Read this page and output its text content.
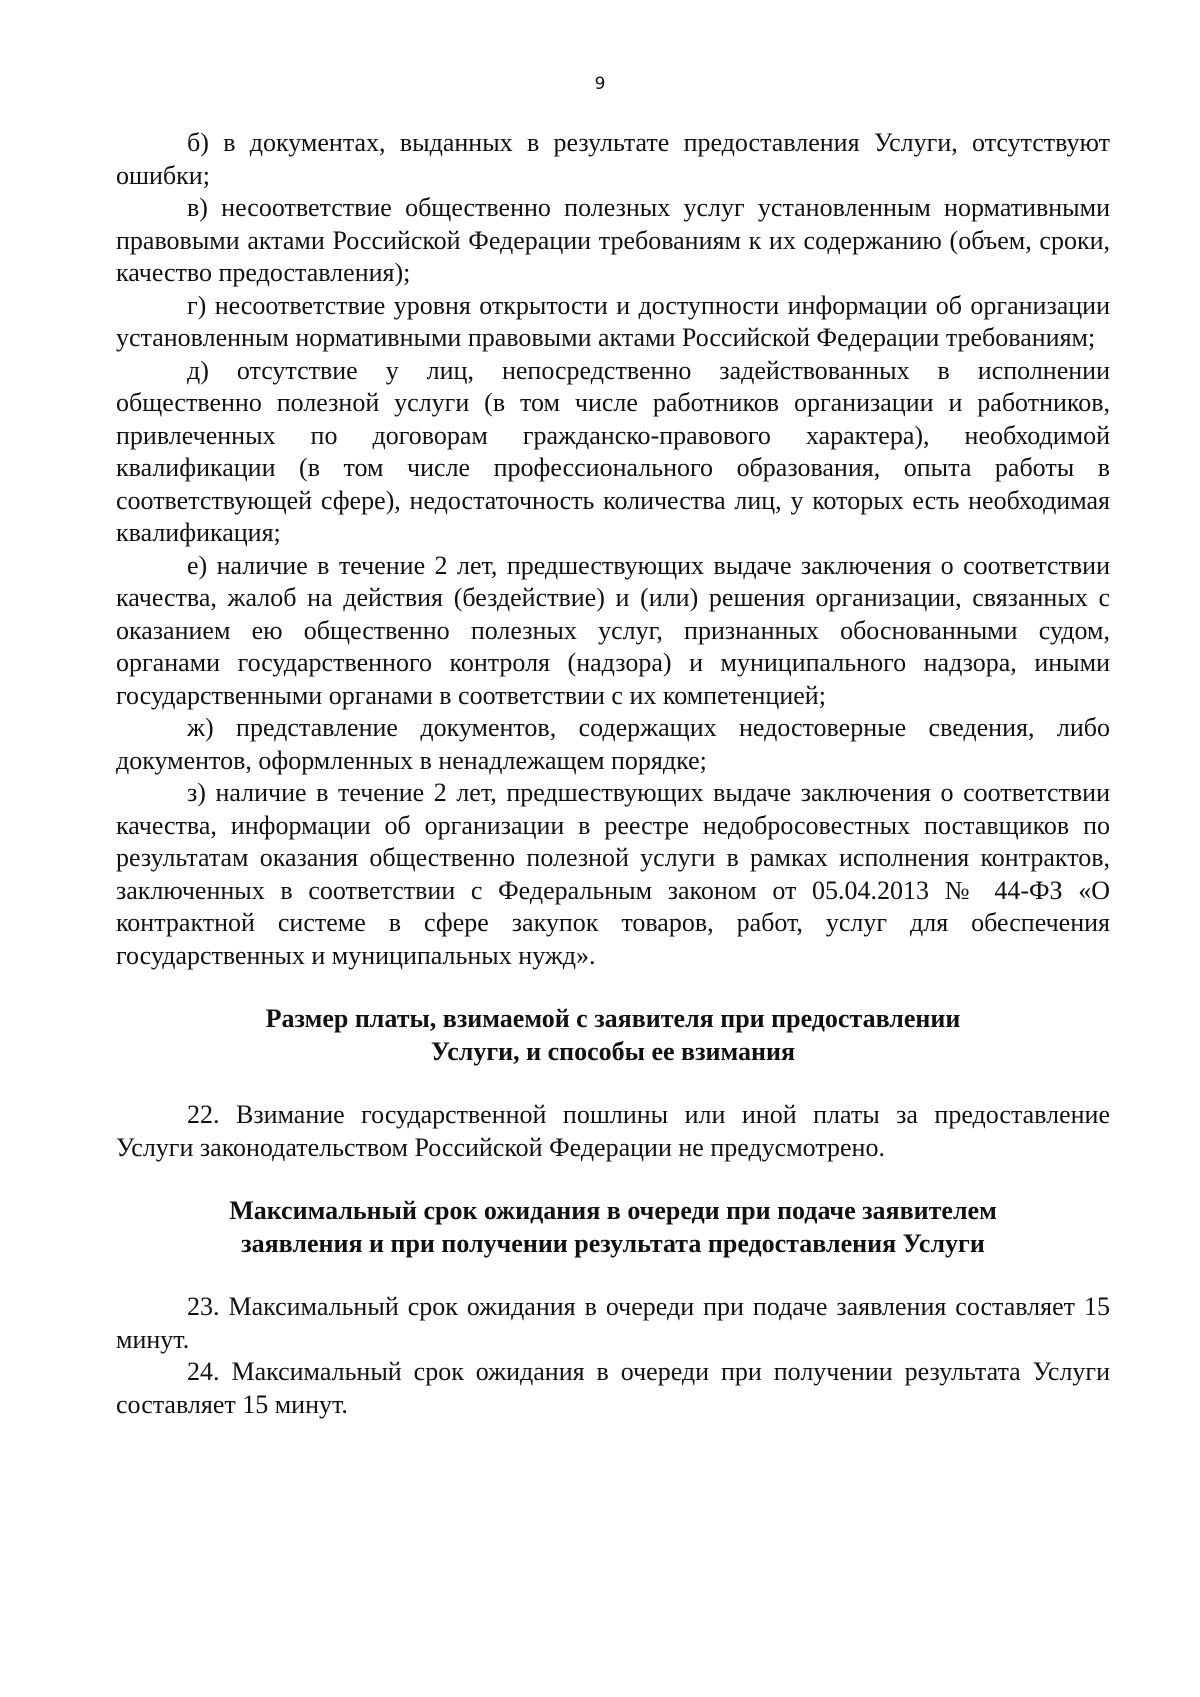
9

б) в документах, выданных в результате предоставления Услуги, отсутствуют ошибки;

в) несоответствие общественно полезных услуг установленным нормативными правовыми актами Российской Федерации требованиям к их содержанию (объем, сроки, качество предоставления);

г) несоответствие уровня открытости и доступности информации об организации установленным нормативными правовыми актами Российской Федерации требованиям;

д) отсутствие у лиц, непосредственно задействованных в исполнении общественно полезной услуги (в том числе работников организации и работников, привлеченных по договорам гражданско-правового характера), необходимой квалификации (в том числе профессионального образования, опыта работы в соответствующей сфере), недостаточность количества лиц, у которых есть необходимая квалификация;

е) наличие в течение 2 лет, предшествующих выдаче заключения о соответствии качества, жалоб на действия (бездействие) и (или) решения организации, связанных с оказанием ею общественно полезных услуг, признанных обоснованными судом, органами государственного контроля (надзора) и муниципального надзора, иными государственными органами в соответствии с их компетенцией;

ж) представление документов, содержащих недостоверные сведения, либо документов, оформленных в ненадлежащем порядке;

з) наличие в течение 2 лет, предшествующих выдаче заключения о соответствии качества, информации об организации в реестре недобросовестных поставщиков по результатам оказания общественно полезной услуги в рамках исполнения контрактов, заключенных в соответствии с Федеральным законом от 05.04.2013 № 44-ФЗ «О контрактной системе в сфере закупок товаров, работ, услуг для обеспечения государственных и муниципальных нужд».

Размер платы, взимаемой с заявителя при предоставлении
Услуги, и способы ее взимания

22. Взимание государственной пошлины или иной платы за предоставление Услуги законодательством Российской Федерации не предусмотрено.

Максимальный срок ожидания в очереди при подаче заявителем
заявления и при получении результата предоставления Услуги

23. Максимальный срок ожидания в очереди при подаче заявления составляет 15 минут.

24. Максимальный срок ожидания в очереди при получении результата Услуги составляет 15 минут.
